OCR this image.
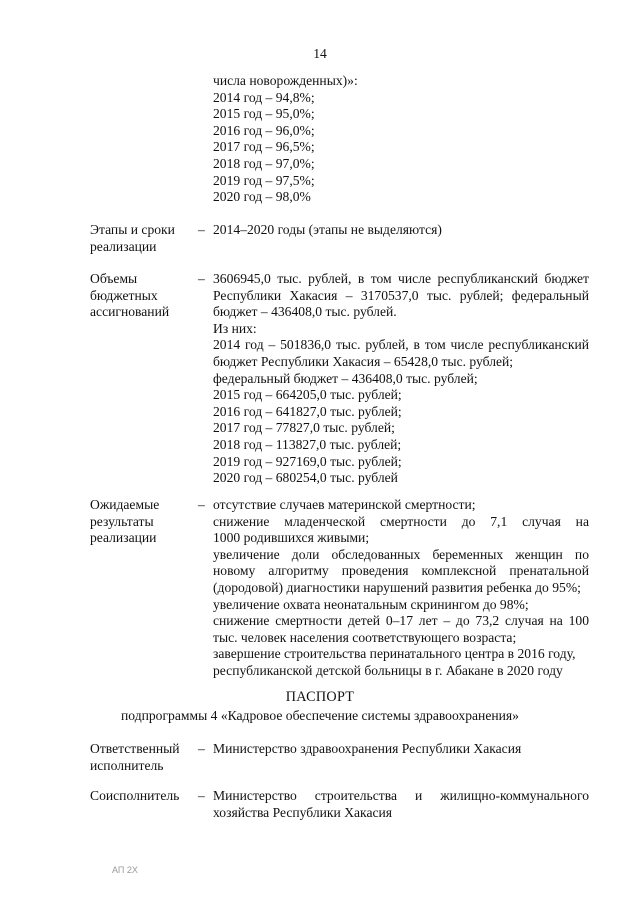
14
числа новорожденных)»:
2014 год – 94,8%;
2015 год – 95,0%;
2016 год – 96,0%;
2017 год – 96,5%;
2018 год – 97,0%;
2019 год – 97,5%;
2020 год – 98,0%
Этапы и сроки
реализации
– 2014–2020 годы (этапы не выделяются)
Объемы
бюджетных
ассигнований
– 3606945,0 тыс. рублей, в том числе республиканский бюджет
Республики Хакасия – 3170537,0 тыс. рублей; федеральный
бюджет – 436408,0 тыс. рублей.
Из них:
2014 год – 501836,0 тыс. рублей, в том числе республиканский
бюджет Республики Хакасия – 65428,0 тыс. рублей;
федеральный бюджет – 436408,0 тыс. рублей;
2015 год – 664205,0 тыс. рублей;
2016 год – 641827,0 тыс. рублей;
2017 год – 77827,0 тыс. рублей;
2018 год – 113827,0 тыс. рублей;
2019 год – 927169,0 тыс. рублей;
2020 год – 680254,0 тыс. рублей
Ожидаемые
результаты
реализации
– отсутствие случаев материнской смертности;
снижение младенческой смертности до 7,1 случая на
1000 родившихся живыми;
увеличение доли обследованных беременных женщин по
новому алгоритму проведения комплексной пренатальной
(дородовой) диагностики нарушений развития ребенка до 95%;
увеличение охвата неонатальным скринингом до 98%;
снижение смертности детей 0–17 лет – до 73,2 случая на 100
тыс. человек населения соответствующего возраста;
завершение строительства перинатального центра в 2016 году,
республиканской детской больницы в г. Абакане в 2020 году
ПАСПОРТ
подпрограммы 4 «Кадровое обеспечение системы здравоохранения»
Ответственный
исполнитель
– Министерство здравоохранения Республики Хакасия
Соисполнитель	– Министерство строительства и жилищно-коммунального
хозяйства Республики Хакасия
АП 2Х
